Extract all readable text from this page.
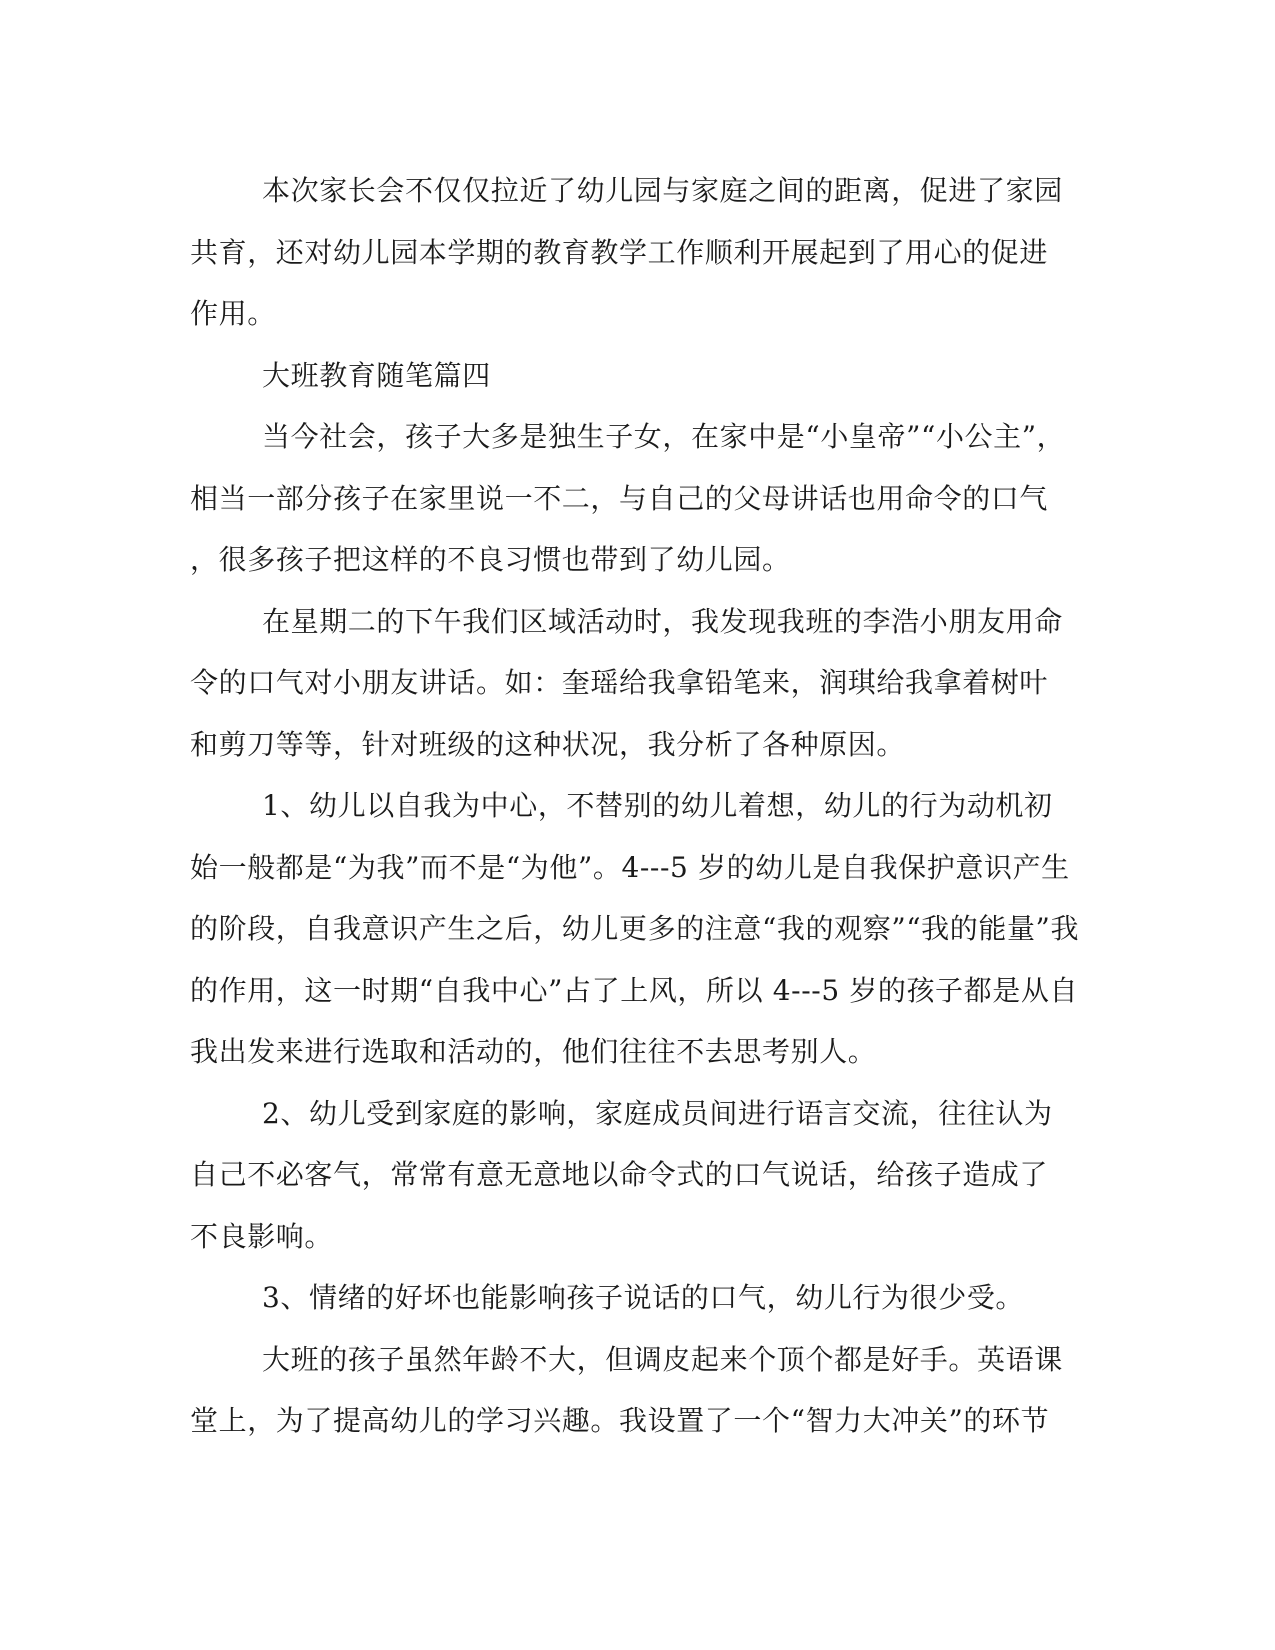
本次家长会不仅仅拉近了幼儿园与家庭之间的距离，促进了家园
共育，还对幼儿园本学期的教育教学工作顺利开展起到了用心的促进
作用。
大班教育随笔篇四
当今社会，孩子大多是独生子女，在家中是“小皇帝”“小公主”，
相当一部分孩子在家里说一不二，与自己的父母讲话也用命令的口气
，很多孩子把这样的不良习惯也带到了幼儿园。
在星期二的下午我们区域活动时，我发现我班的李浩小朋友用命
令的口气对小朋友讲话。如：奎瑶给我拿铅笔来，润琪给我拿着树叶
和剪刀等等，针对班级的这种状况，我分析了各种原因。
1、幼儿以自我为中心，不替别的幼儿着想，幼儿的行为动机初
始一般都是“为我”而不是“为他”。4---5 岁的幼儿是自我保护意识产生
的阶段，自我意识产生之后，幼儿更多的注意“我的观察”“我的能量”我
的作用，这一时期“自我中心”占了上风，所以 4---5 岁的孩子都是从自
我出发来进行选取和活动的，他们往往不去思考别人。
2、幼儿受到家庭的影响，家庭成员间进行语言交流，往往认为
自己不必客气，常常有意无意地以命令式的口气说话，给孩子造成了
不良影响。
3、情绪的好坏也能影响孩子说话的口气，幼儿行为很少受。
大班的孩子虽然年龄不大，但调皮起来个顶个都是好手。英语课
堂上，为了提高幼儿的学习兴趣。我设置了一个“智力大冲关”的环节
